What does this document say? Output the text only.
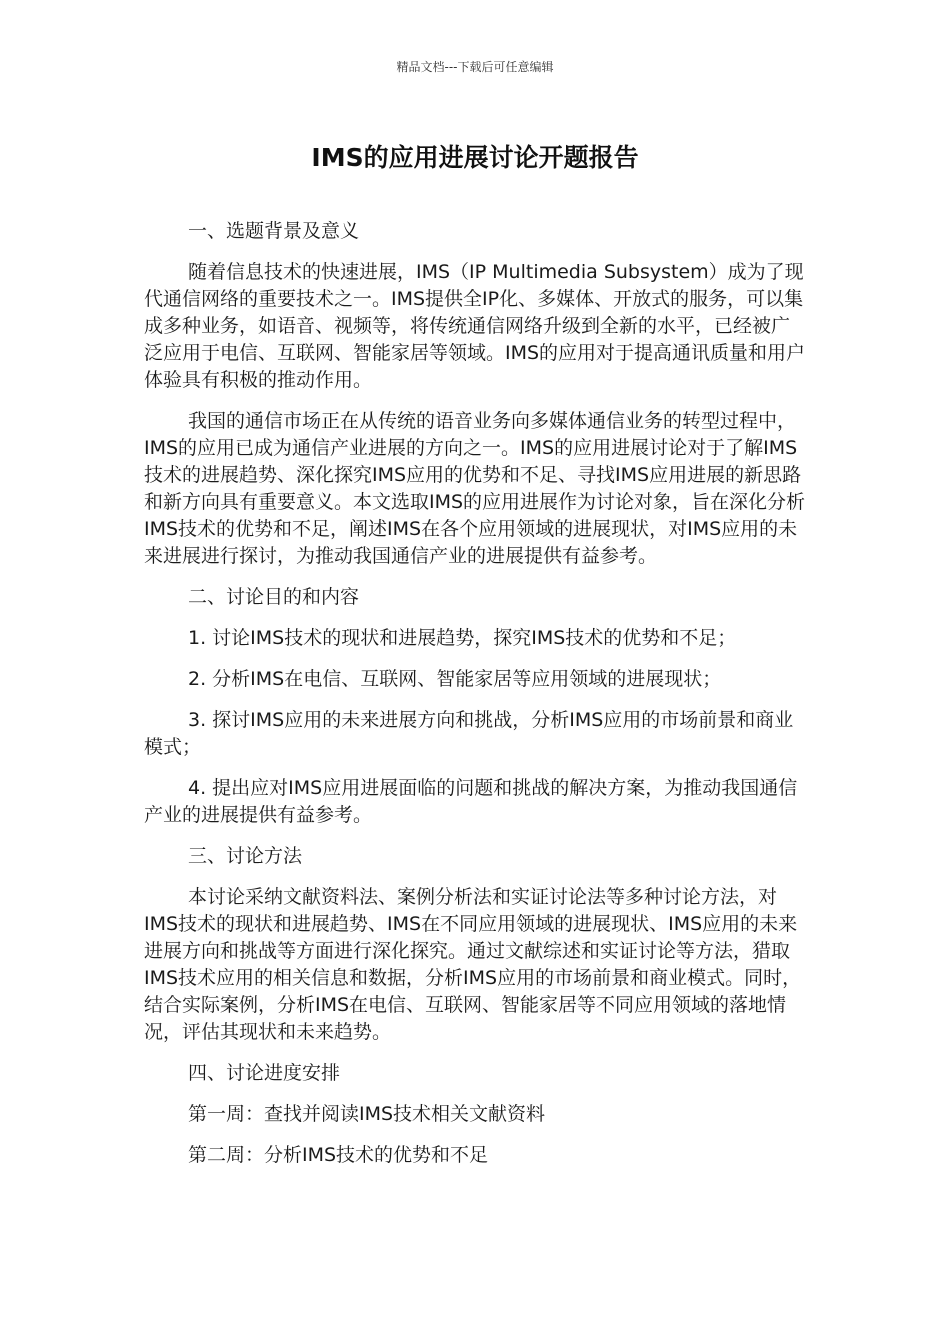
精品文档---下载后可任意编辑
IMS的应用进展讨论开题报告

一、选题背景及意义

随着信息技术的快速进展，IMS（IP Multimedia Subsystem）成为了现代通信网络的重要技术之一。IMS提供全IP化、多媒体、开放式的服务，可以集成多种业务，如语音、视频等，将传统通信网络升级到全新的水平，已经被广泛应用于电信、互联网、智能家居等领域。IMS的应用对于提高通讯质量和用户体验具有积极的推动作用。

我国的通信市场正在从传统的语音业务向多媒体通信业务的转型过程中，IMS的应用已成为通信产业进展的方向之一。IMS的应用进展讨论对于了解IMS技术的进展趋势、深化探究IMS应用的优势和不足、寻找IMS应用进展的新思路和新方向具有重要意义。本文选取IMS的应用进展作为讨论对象，旨在深化分析IMS技术的优势和不足，阐述IMS在各个应用领域的进展现状，对IMS应用的未来进展进行探讨，为推动我国通信产业的进展提供有益参考。

二、讨论目的和内容

1. 讨论IMS技术的现状和进展趋势，探究IMS技术的优势和不足；

2. 分析IMS在电信、互联网、智能家居等应用领域的进展现状；

3. 探讨IMS应用的未来进展方向和挑战，分析IMS应用的市场前景和商业模式；

4. 提出应对IMS应用进展面临的问题和挑战的解决方案，为推动我国通信产业的进展提供有益参考。

三、讨论方法

本讨论采纳文献资料法、案例分析法和实证讨论法等多种讨论方法，对IMS技术的现状和进展趋势、IMS在不同应用领域的进展现状、IMS应用的未来进展方向和挑战等方面进行深化探究。通过文献综述和实证讨论等方法，猎取IMS技术应用的相关信息和数据，分析IMS应用的市场前景和商业模式。同时，结合实际案例，分析IMS在电信、互联网、智能家居等不同应用领域的落地情况，评估其现状和未来趋势。

四、讨论进度安排

第一周：查找并阅读IMS技术相关文献资料

第二周：分析IMS技术的优势和不足
